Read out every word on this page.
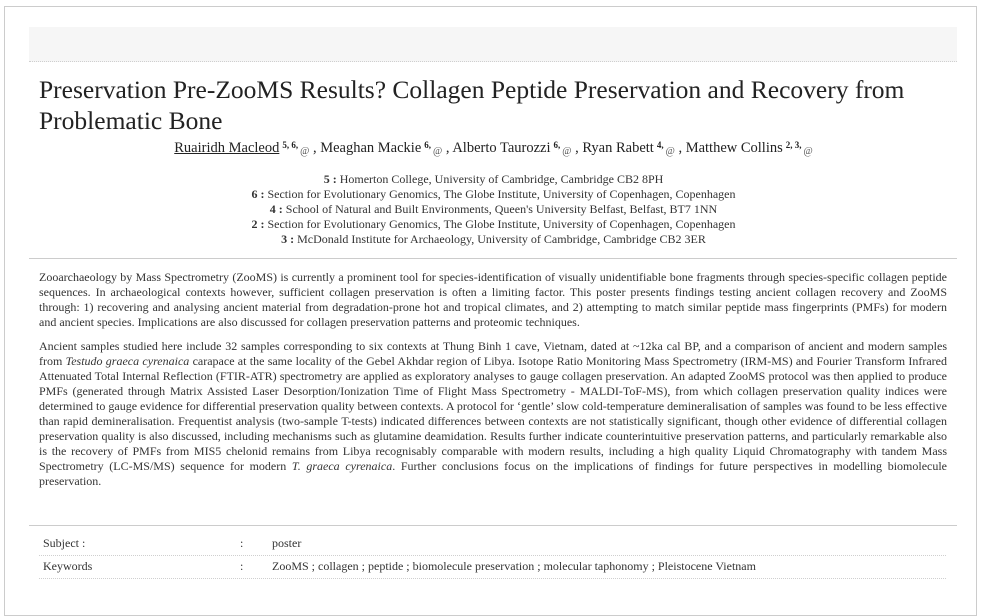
Preservation Pre-ZooMS Results? Collagen Peptide Preservation and Recovery from Problematic Bone
Ruairidh Macleod $^{5, 6,}$@ , Meaghan Mackie $^{6,}$@ , Alberto Taurozzi $^{6,}$@ , Ryan Rabett $^{4,}$@ , Matthew Collins $^{2, 3,}$@
5 : Homerton College, University of Cambridge, Cambridge CB2 8PH
6 : Section for Evolutionary Genomics, The Globe Institute, University of Copenhagen, Copenhagen
4 : School of Natural and Built Environments, Queen's University Belfast, Belfast, BT7 1NN
2 : Section for Evolutionary Genomics, The Globe Institute, University of Copenhagen, Copenhagen
3 : McDonald Institute for Archaeology, University of Cambridge, Cambridge CB2 3ER

Zooarchaeology by Mass Spectrometry (ZooMS) is currently a prominent tool for species-identification of visually unidentifiable bone fragments through species-specific collagen peptide sequences. In archaeological contexts however, sufficient collagen preservation is often a limiting factor. This poster presents findings testing ancient collagen recovery and ZooMS through: 1) recovering and analysing ancient material from degradation-prone hot and tropical climates, and 2) attempting to match similar peptide mass fingerprints (PMFs) for modern and ancient species. Implications are also discussed for collagen preservation patterns and proteomic techniques.

Ancient samples studied here include 32 samples corresponding to six contexts at Thung Binh 1 cave, Vietnam, dated at ~12ka cal BP, and a comparison of ancient and modern samples from Testudo graeca cyrenaica carapace at the same locality of the Gebel Akhdar region of Libya. Isotope Ratio Monitoring Mass Spectrometry (IRM-MS) and Fourier Transform Infrared Attenuated Total Internal Reflection (FTIR-ATR) spectrometry are applied as exploratory analyses to gauge collagen preservation. An adapted ZooMS protocol was then applied to produce PMFs (generated through Matrix Assisted Laser Desorption/Ionization Time of Flight Mass Spectrometry - MALDI-ToF-MS), from which collagen preservation quality indices were determined to gauge evidence for differential preservation quality between contexts. A protocol for ‘gentle’ slow cold-temperature demineralisation of samples was found to be less effective than rapid demineralisation. Frequentist analysis (two-sample T-tests) indicated differences between contexts are not statistically significant, though other evidence of differential collagen preservation quality is also discussed, including mechanisms such as glutamine deamidation. Results further indicate counterintuitive preservation patterns, and particularly remarkable also is the recovery of PMFs from MIS5 chelonid remains from Libya recognisably comparable with modern results, including a high quality Liquid Chromatography with tandem Mass Spectrometry (LC-MS/MS) sequence for modern T. graeca cyrenaica. Further conclusions focus on the implications of findings for future perspectives in modelling biomolecule preservation.

Subject :	:	poster
Keywords	:	ZooMS ; collagen ; peptide ; biomolecule preservation ; molecular taphonomy ; Pleistocene Vietnam
